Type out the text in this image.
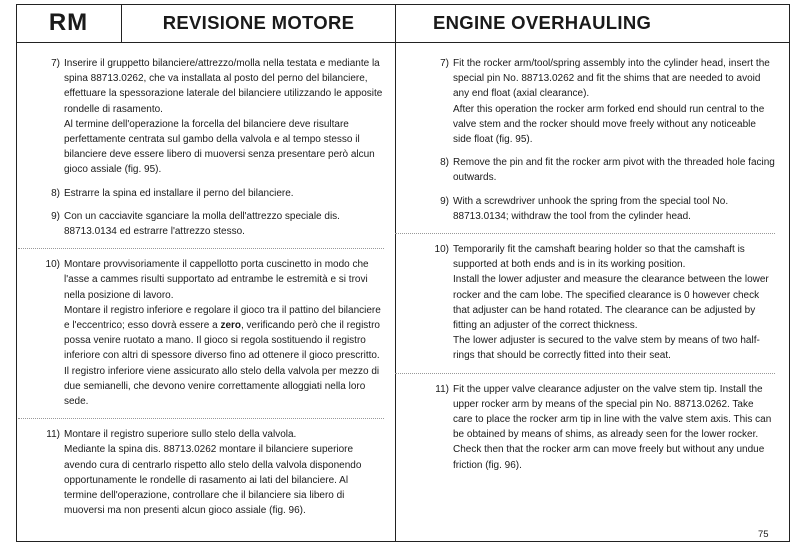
RM	REVISIONE MOTORE	ENGINE OVERHAULING
7) Inserire il gruppetto bilanciere/attrezzo/molla nella testata e mediante la spina 88713.0262, che va installata al posto del perno del bilanciere, effettuare la spessorazione laterale del bilanciere utilizzando le apposite rondelle di rasamento.

Al termine dell'operazione la forcella del bilanciere deve risultare perfettamente centrata sul gambo della valvola e al tempo stesso il bilanciere deve essere libero di muoversi senza presentare però alcun gioco assiale (fig. 95).

8) Estrarre la spina ed installare il perno del bilanciere.

9) Con un cacciavite sganciare la molla dell'attrezzo speciale dis. 88713.0134 ed estrarre l'attrezzo stesso.

10) Montare provvisoriamente il cappellotto porta cuscinetto in modo che l'asse a cammes risulti supportato ad entrambe le estremità e si trovi nella posizione di lavoro.

Montare il registro inferiore e regolare il gioco tra il pattino del bilanciere e l'eccentrico; esso dovrà essere a zero, verificando però che il registro possa venire ruotato a mano. Il gioco si regola sostituendo il registro inferiore con altri di spessore diverso fino ad ottenere il gioco prescritto.

Il registro inferiore viene assicurato allo stelo della valvola per mezzo di due semianelli, che devono venire correttamente alloggiati nella loro sede.

11) Montare il registro superiore sullo stelo della valvola.

Mediante la spina dis. 88713.0262 montare il bilanciere superiore avendo cura di centrarlo rispetto allo stelo della valvola disponendo opportunamente le rondelle di rasamento ai lati del bilanciere. Al termine dell'operazione, controllare che il bilanciere sia libero di muoversi ma non presenti alcun gioco assiale (fig. 96).

7) Fit the rocker arm/tool/spring assembly into the cylinder head, insert the special pin No. 88713.0262 and fit the shims that are needed to avoid any end float (axial clearance).

After this operation the rocker arm forked end should run central to the valve stem and the rocker should move freely without any noticeable side float (fig. 95).

8) Remove the pin and fit the rocker arm pivot with the threaded hole facing outwards.

9) With a screwdriver unhook the spring from the special tool No. 88713.0134; withdraw the tool from the cylinder head.

10) Temporarily fit the camshaft bearing holder so that the camshaft is supported at both ends and is in its working position.

Install the lower adjuster and measure the clearance between the lower rocker and the cam lobe. The specified clearance is 0 however check that adjuster can be hand rotated. The clearance can be adjusted by fitting an adjuster of the correct thickness.

The lower adjuster is secured to the valve stem by means of two half-rings that should be correctly fitted into their seat.

11) Fit the upper valve clearance adjuster on the valve stem tip. Install the upper rocker arm by means of the special pin No. 88713.0262. Take care to place the rocker arm tip in line with the valve stem axis. This can be obtained by means of shims, as already seen for the lower rocker.

Check then that the rocker arm can move freely but without any undue friction (fig. 96).

75
